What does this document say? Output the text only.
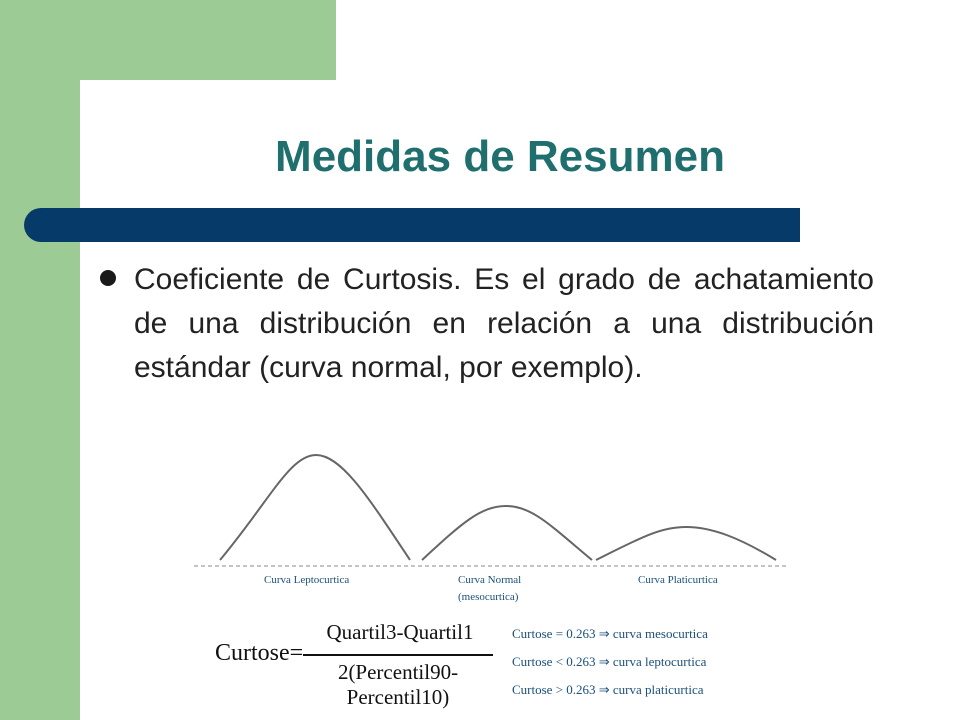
Medidas de Resumen
Coeficiente de Curtosis. Es el grado de achatamiento de una distribución en relación a una distribución estándar (curva normal, por exemplo).
Curva Leptocurtica	Curva Normal
(mesocurtica)
Curva Platicurtica
Curtose=
Quartil3-Quartil1
2(Percentil90-Percentil10)
Curtose = 0.263 ⇒ curva mesocurtica
Curtose < 0.263 ⇒ curva leptocurtica
Curtose > 0.263 ⇒ curva platicurtica
